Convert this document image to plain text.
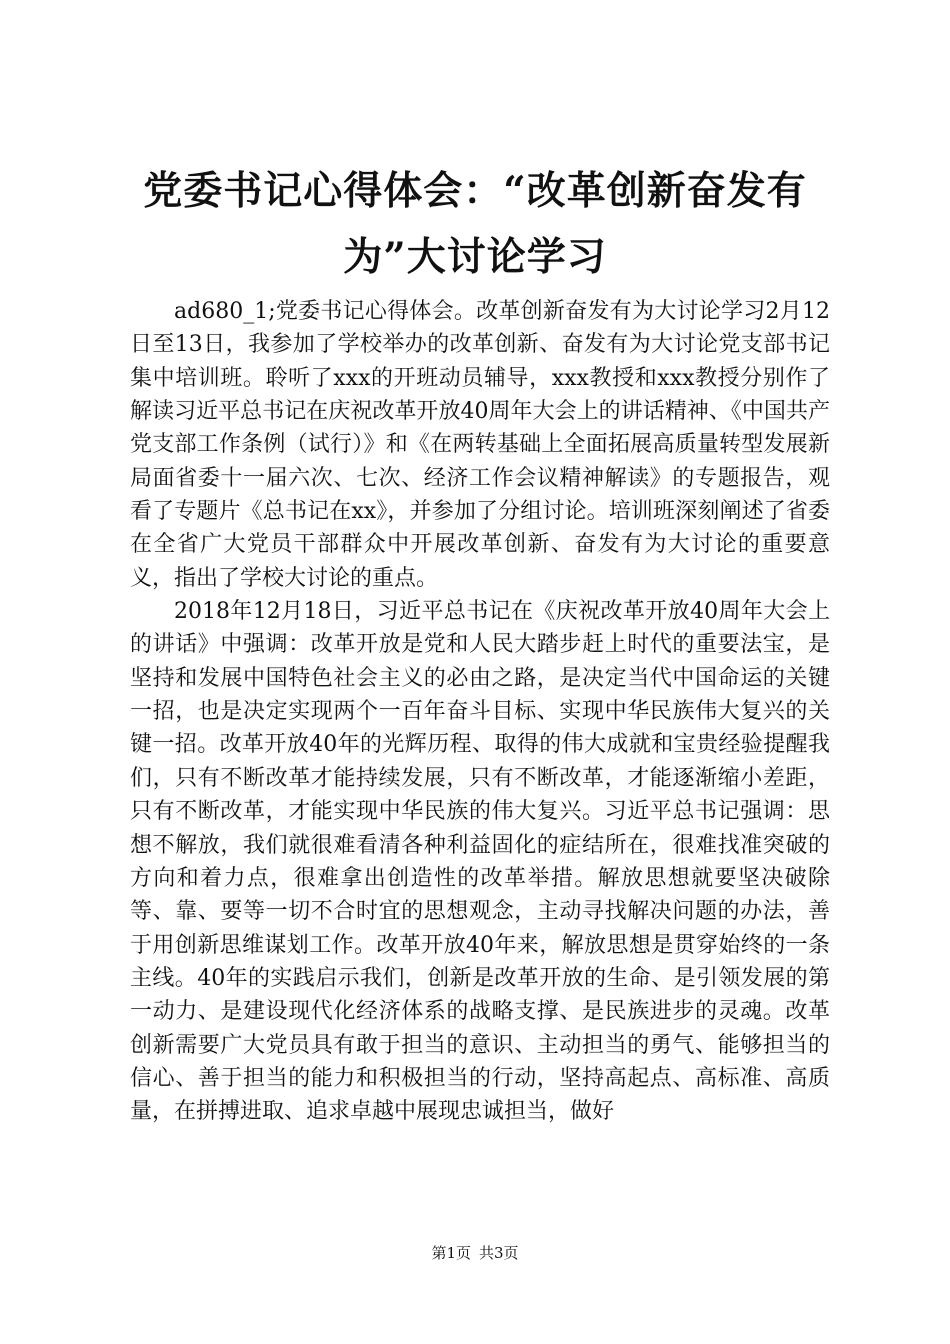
党委书记心得体会：“改革创新奋发有为”大讨论学习

ad680_1;党委书记心得体会。改革创新奋发有为大讨论学习2月12日至13日，我参加了学校举办的改革创新、奋发有为大讨论党支部书记集中培训班。聆听了xxx的开班动员辅导，xxx教授和xxx教授分别作了解读习近平总书记在庆祝改革开放40周年大会上的讲话精神、《中国共产党支部工作条例（试行）》和《在两转基础上全面拓展高质量转型发展新局面省委十一届六次、七次、经济工作会议精神解读》的专题报告，观看了专题片《总书记在xx》，并参加了分组讨论。培训班深刻阐述了省委在全省广大党员干部群众中开展改革创新、奋发有为大讨论的重要意义，指出了学校大讨论的重点。

2018年12月18日，习近平总书记在《庆祝改革开放40周年大会上的讲话》中强调：改革开放是党和人民大踏步赶上时代的重要法宝，是坚持和发展中国特色社会主义的必由之路，是决定当代中国命运的关键一招，也是决定实现两个一百年奋斗目标、实现中华民族伟大复兴的关键一招。改革开放40年的光辉历程、取得的伟大成就和宝贵经验提醒我们，只有不断改革才能持续发展，只有不断改革，才能逐渐缩小差距，只有不断改革，才能实现中华民族的伟大复兴。习近平总书记强调：思想不解放，我们就很难看清各种利益固化的症结所在，很难找准突破的方向和着力点，很难拿出创造性的改革举措。解放思想就要坚决破除等、靠、要等一切不合时宜的思想观念，主动寻找解决问题的办法，善于用创新思维谋划工作。改革开放40年来，解放思想是贯穿始终的一条主线。40年的实践启示我们，创新是改革开放的生命、是引领发展的第一动力、是建设现代化经济体系的战略支撑、是民族进步的灵魂。改革创新需要广大党员具有敢于担当的意识、主动担当的勇气、能够担当的信心、善于担当的能力和积极担当的行动，坚持高起点、高标准、高质量，在拼搏进取、追求卓越中展现忠诚担当，做好

第1页 共3页
